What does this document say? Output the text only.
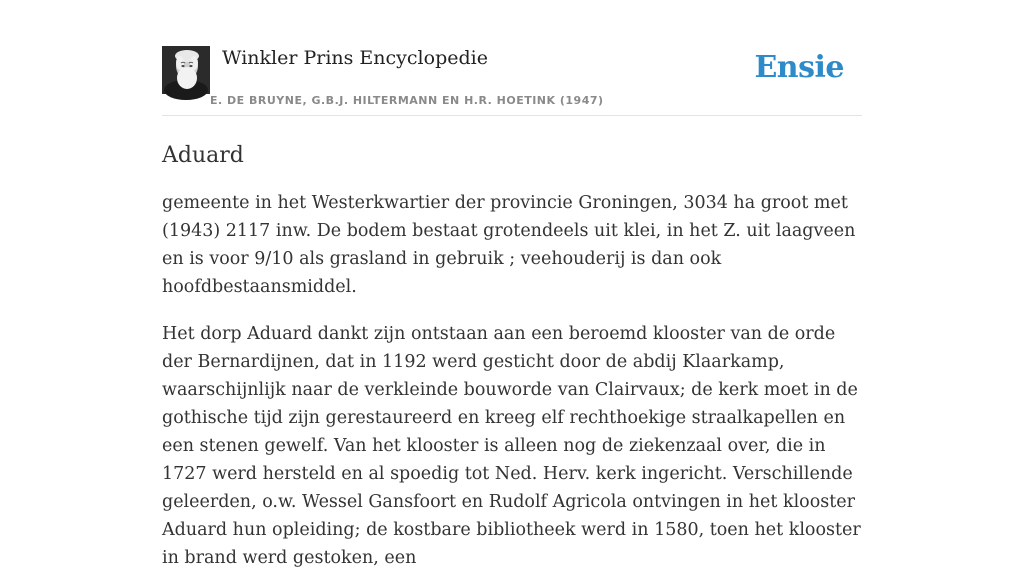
Winkler Prins Encyclopedie
E. DE BRUYNE, G.B.J. HILTERMANN EN H.R. HOETINK (1947)
Ensie
Aduard

gemeente in het Westerkwartier der provincie Groningen, 3034 ha groot met (1943) 2117 inw. De bodem bestaat grotendeels uit klei, in het Z. uit laagveen en is voor 9/10 als grasland in gebruik ; veehouderij is dan ook hoofdbestaansmiddel.

Het dorp Aduard dankt zijn ontstaan aan een beroemd klooster van de orde der Bernardijnen, dat in 1192 werd gesticht door de abdij Klaarkamp, waarschijnlijk naar de verkleinde bouworde van Clairvaux; de kerk moet in de gothische tijd zijn gerestaureerd en kreeg elf rechthoekige straalkapellen en een stenen gewelf. Van het klooster is alleen nog de ziekenzaal over, die in 1727 werd hersteld en al spoedig tot Ned. Herv. kerk ingericht. Verschillende geleerden, o.w. Wessel Gansfoort en Rudolf Agricola ontvingen in het klooster Aduard hun opleiding; de kostbare bibliotheek werd in 1580, toen het klooster in brand werd gestoken, een
